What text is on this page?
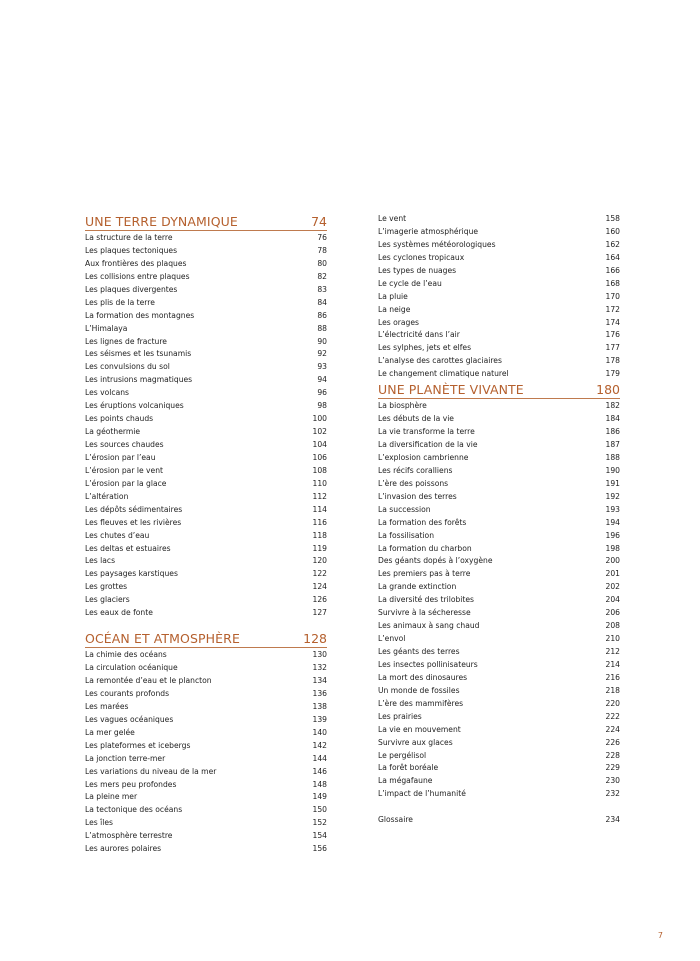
UNE TERRE DYNAMIQUE	74
La structure de la terre	76
Les plaques tectoniques	78
Aux frontières des plaques	80
Les collisions entre plaques	82
Les plaques divergentes	83
Les plis de la terre	84
La formation des montagnes	86
L’Himalaya	88
Les lignes de fracture	90
Les séismes et les tsunamis	92
Les convulsions du sol	93
Les intrusions magmatiques	94
Les volcans	96
Les éruptions volcaniques	98
Les points chauds	100
La géothermie	102
Les sources chaudes	104
L’érosion par l’eau	106
L’érosion par le vent	108
L’érosion par la glace	110
L’altération	112
Les dépôts sédimentaires	114
Les fleuves et les rivières	116
Les chutes d’eau	118
Les deltas et estuaires	119
Les lacs	120
Les paysages karstiques	122
Les grottes	124
Les glaciers	126
Les eaux de fonte	127
OCÉAN ET ATMOSPHÈRE	128
La chimie des océans	130
La circulation océanique	132
La remontée d’eau et le plancton	134
Les courants profonds	136
Les marées	138
Les vagues océaniques	139
La mer gelée	140
Les plateformes et icebergs	142
La jonction terre-mer	144
Les variations du niveau de la mer	146
Les mers peu profondes	148
La pleine mer	149
La tectonique des océans	150
Les îles	152
L’atmosphère terrestre	154
Les aurores polaires	156
Le vent	158
L’imagerie atmosphérique	160
Les systèmes météorologiques	162
Les cyclones tropicaux	164
Les types de nuages	166
Le cycle de l’eau	168
La pluie	170
La neige	172
Les orages	174
L’électricité dans l’air	176
Les sylphes, jets et elfes	177
L’analyse des carottes glaciaires	178
Le changement climatique naturel	179
UNE PLANÈTE VIVANTE	180
La biosphère	182
Les débuts de la vie	184
La vie transforme la terre	186
La diversification de la vie	187
L’explosion cambrienne	188
Les récifs coralliens	190
L’ère des poissons	191
L’invasion des terres	192
La succession	193
La formation des forêts	194
La fossilisation	196
La formation du charbon	198
Des géants dopés à l’oxygène	200
Les premiers pas à terre	201
La grande extinction	202
La diversité des trilobites	204
Survivre à la sécheresse	206
Les animaux à sang chaud	208
L’envol	210
Les géants des terres	212
Les insectes pollinisateurs	214
La mort des dinosaures	216
Un monde de fossiles	218
L’ère des mammifères	220
Les prairies	222
La vie en mouvement	224
Survivre aux glaces	226
Le pergélisol	228
La forêt boréale	229
La mégafaune	230
L’impact de l’humanité	232
Glossaire	234
7
